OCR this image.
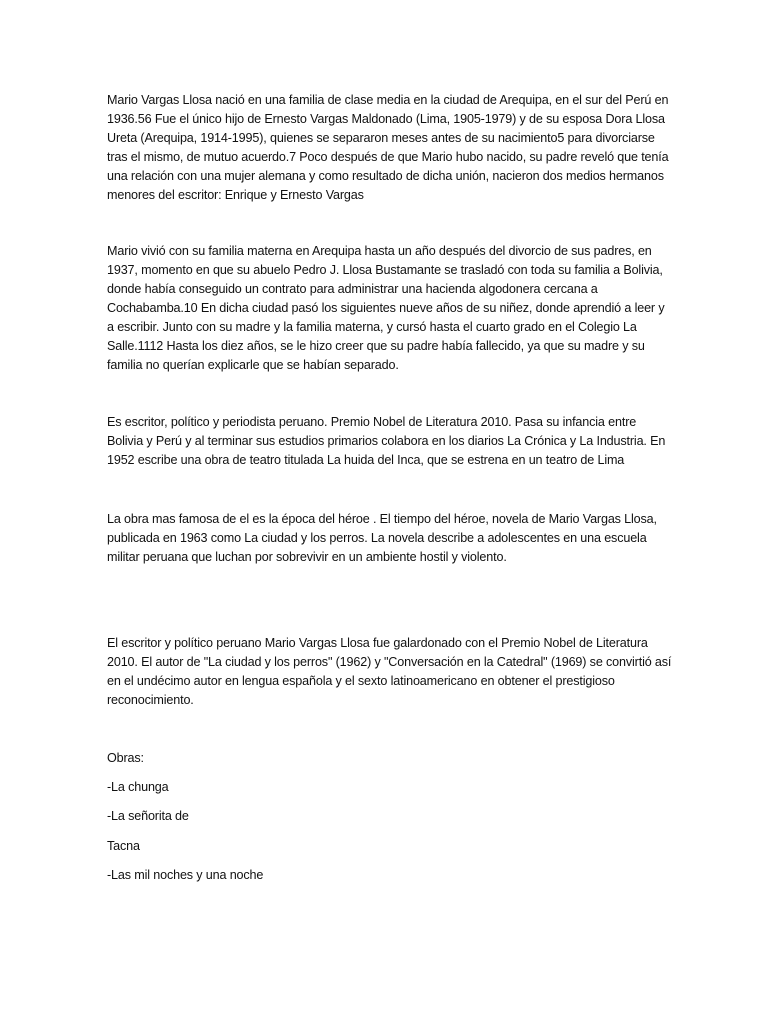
Mario Vargas Llosa nació en una familia de clase media en la ciudad de Arequipa, en el sur del Perú en 1936.56 Fue el único hijo de Ernesto Vargas Maldonado (Lima, 1905-1979) y de su esposa Dora Llosa Ureta (Arequipa, 1914-1995), quienes se separaron meses antes de su nacimiento5 para divorciarse tras el mismo, de mutuo acuerdo.7 Poco después de que Mario hubo nacido, su padre reveló que tenía una relación con una mujer alemana y como resultado de dicha unión, nacieron dos medios hermanos menores del escritor: Enrique y Ernesto Vargas

Mario vivió con su familia materna en Arequipa hasta un año después del divorcio de sus padres, en 1937, momento en que su abuelo Pedro J. Llosa Bustamante se trasladó con toda su familia a Bolivia, donde había conseguido un contrato para administrar una hacienda algodonera cercana a Cochabamba.10 En dicha ciudad pasó los siguientes nueve años de su niñez, donde aprendió a leer y a escribir. Junto con su madre y la familia materna, y cursó hasta el cuarto grado en el Colegio La Salle.1112 Hasta los diez años, se le hizo creer que su padre había fallecido, ya que su madre y su familia no querían explicarle que se habían separado.

Es escritor, político y periodista peruano. Premio Nobel de Literatura 2010. Pasa su infancia entre Bolivia y Perú y al terminar sus estudios primarios colabora en los diarios La Crónica y La Industria. En 1952 escribe una obra de teatro titulada La huida del Inca, que se estrena en un teatro de Lima

La obra mas famosa de el es la época del héroe . El tiempo del héroe, novela de Mario Vargas Llosa, publicada en 1963 como La ciudad y los perros. La novela describe a adolescentes en una escuela militar peruana que luchan por sobrevivir en un ambiente hostil y violento.

El escritor y político peruano Mario Vargas Llosa fue galardonado con el Premio Nobel de Literatura 2010. El autor de "La ciudad y los perros" (1962) y "Conversación en la Catedral" (1969) se convirtió así en el undécimo autor en lengua española y el sexto latinoamericano en obtener el prestigioso reconocimiento.

Obras:

-La chunga

-La señorita de

Tacna

-Las mil noches y una noche
